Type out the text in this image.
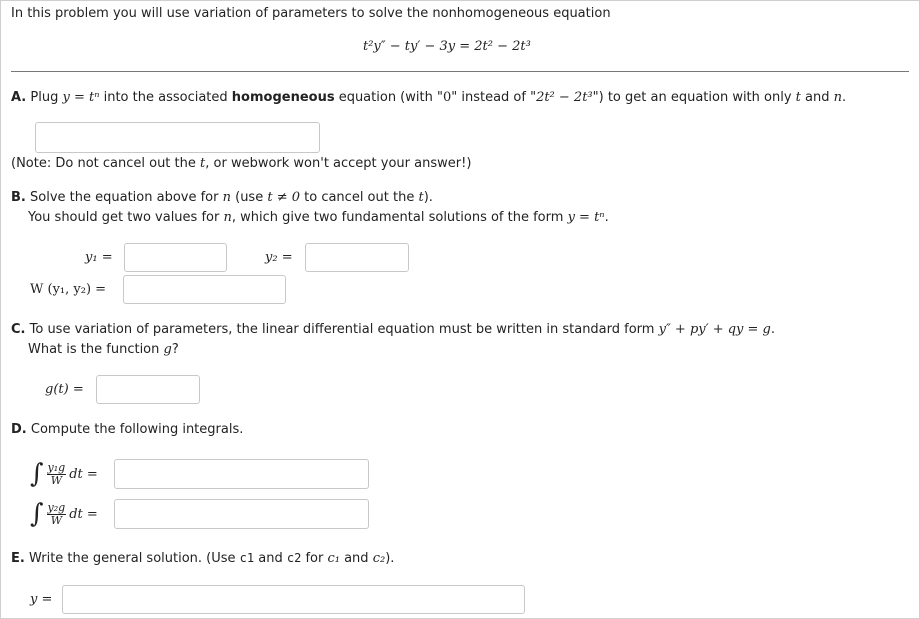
In this problem you will use variation of parameters to solve the nonhomogeneous equation
t²y″ − ty′ − 3y = 2t² − 2t³
A. Plug y = tⁿ into the associated homogeneous equation (with "0" instead of "2t² − 2t³") to get an equation with only t and n.
(Note: Do not cancel out the t, or webwork won't accept your answer!)
B. Solve the equation above for n (use t ≠ 0 to cancel out the t).
You should get two values for n, which give two fundamental solutions of the form y = tⁿ.
y₁ =	y₂ =
W (y₁, y₂) =
C. To use variation of parameters, the linear differential equation must be written in standard form y″ + py′ + qy = g.
What is the function g?
g(t) =
D. Compute the following integrals.
∫ $\frac{\text{y₁g}}{W}$ dt =
∫ $\frac{\text{y₂g}}{W}$ dt =
E. Write the general solution. (Use c1 and c2 for c₁ and c₂).
y =
